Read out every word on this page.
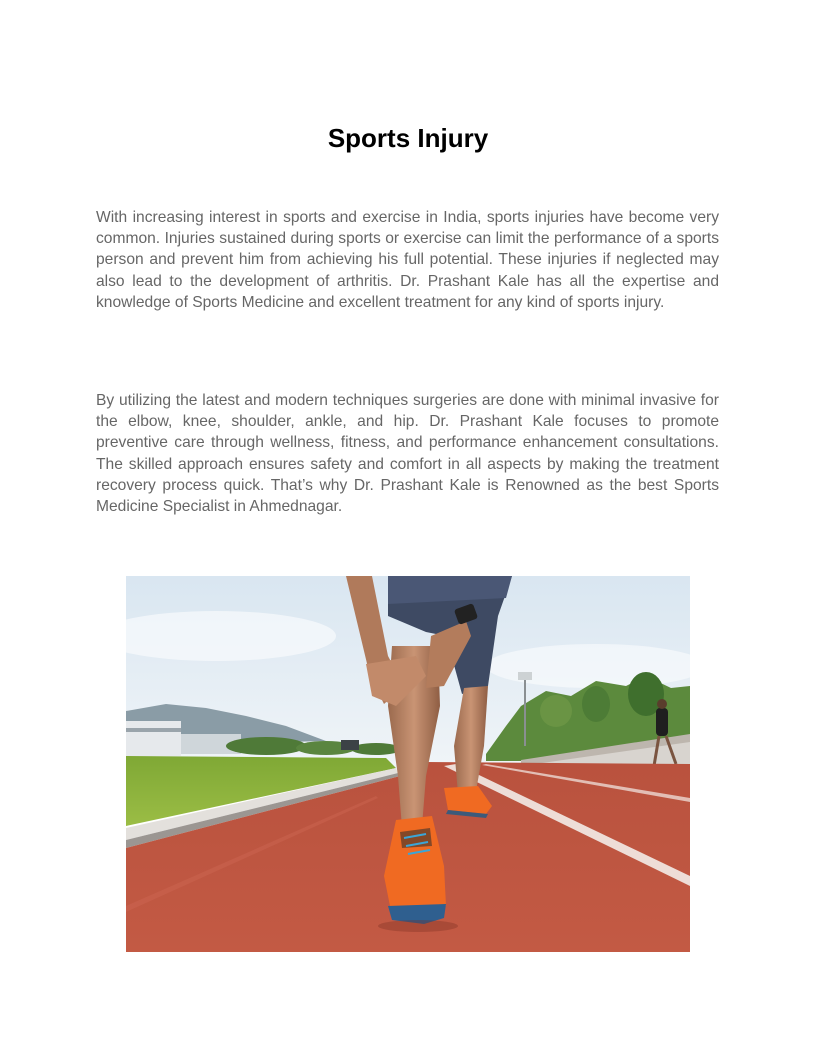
Sports Injury

With increasing interest in sports and exercise in India, sports injuries have become very common. Injuries sustained during sports or exercise can limit the performance of a sports person and prevent him from achieving his full potential. These injuries if neglected may also lead to the development of arthritis. Dr. Prashant Kale has all the expertise and knowledge of Sports Medicine and excellent treatment for any kind of sports injury.

By utilizing the latest and modern techniques surgeries are done with minimal invasive for the elbow, knee, shoulder, ankle, and hip. Dr. Prashant Kale focuses to promote preventive care through wellness, fitness, and performance enhancement consultations. The skilled approach ensures safety and comfort in all aspects by making the treatment recovery process quick. That’s why Dr. Prashant Kale is Renowned as the best Sports Medicine Specialist in Ahmednagar.
